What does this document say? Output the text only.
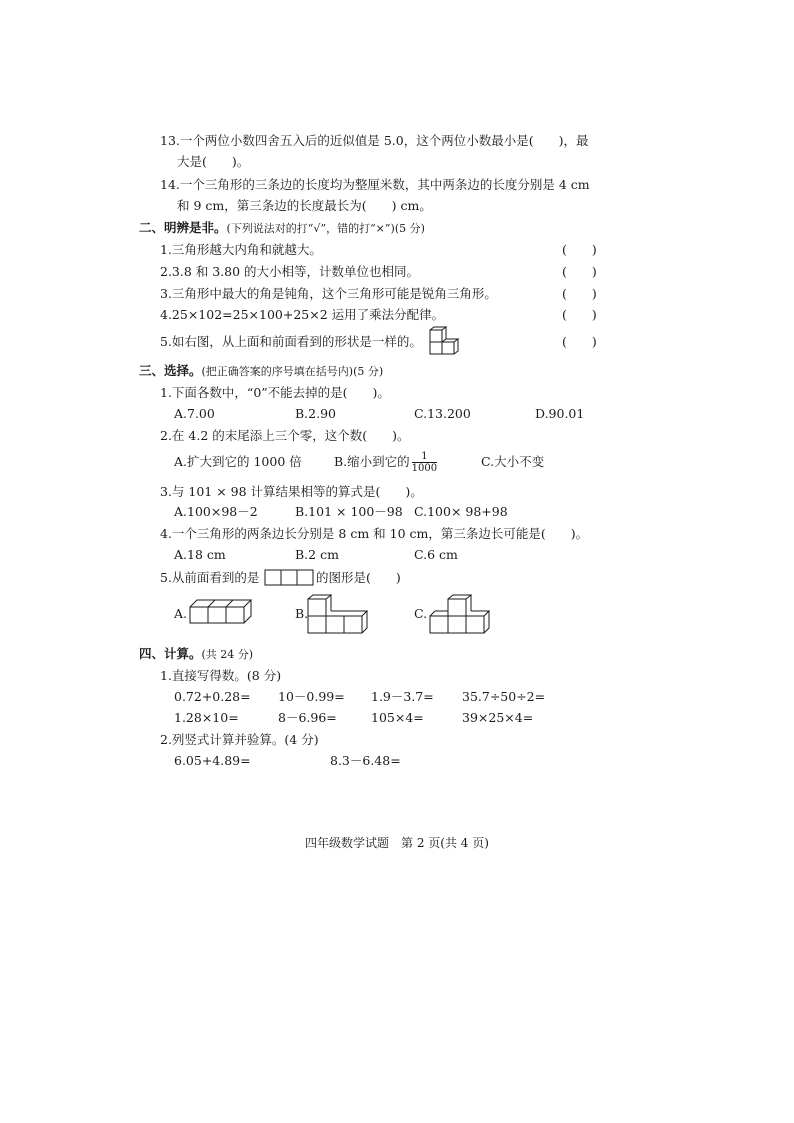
13.一个两位小数四舍五入后的近似值是 5.0，这个两位小数最小是(　　)，最
大是(　　)。
14.一个三角形的三条边的长度均为整厘米数，其中两条边的长度分别是 4 cm
和 9 cm，第三条边的长度最长为(　　) cm。
二、明辨是非。(下列说法对的打“√”，错的打“×”)(5 分)
1.三角形越大内角和就越大。	(　　)
2.3.8 和 3.80 的大小相等，计数单位也相同。	(　　)
3.三角形中最大的角是钝角，这个三角形可能是锐角三角形。	(　　)
4.25×102=25×100+25×2 运用了乘法分配律。	(　　)
5.如右图，从上面和前面看到的形状是一样的。	(　　)
三、选择。(把正确答案的序号填在括号内)(5 分)
1.下面各数中，“0”不能去掉的是(　　)。
A.7.00	B.2.90	C.13.200	D.90.01
2.在 4.2 的末尾添上三个零，这个数(　　)。
A.扩大到它的 1000 倍	B.缩小到它的 $\frac{1}{1000}$	C.大小不变
3.与 101 × 98 计算结果相等的算式是(　　)。
A.100×98－2	B.101 × 100－98 C.100× 98+98
4.一个三角形的两条边长分别是 8 cm 和 10 cm，第三条边长可能是(　　)。
A.18 cm	B.2 cm	C.6 cm
5.从前面看到的是	的图形是(　　)
A.	B.	C.
四、计算。(共 24 分)
1.直接写得数。(8 分)
0.72+0.28= 10－0.99= 1.9－3.7= 35.7÷50÷2=
1.28×10=	8－6.96=	105×4=	39×25×4=
2.列竖式计算并验算。(4 分)
6.05+4.89=	8.3－6.48=
四年级数学试题　第 2 页(共 4 页)
